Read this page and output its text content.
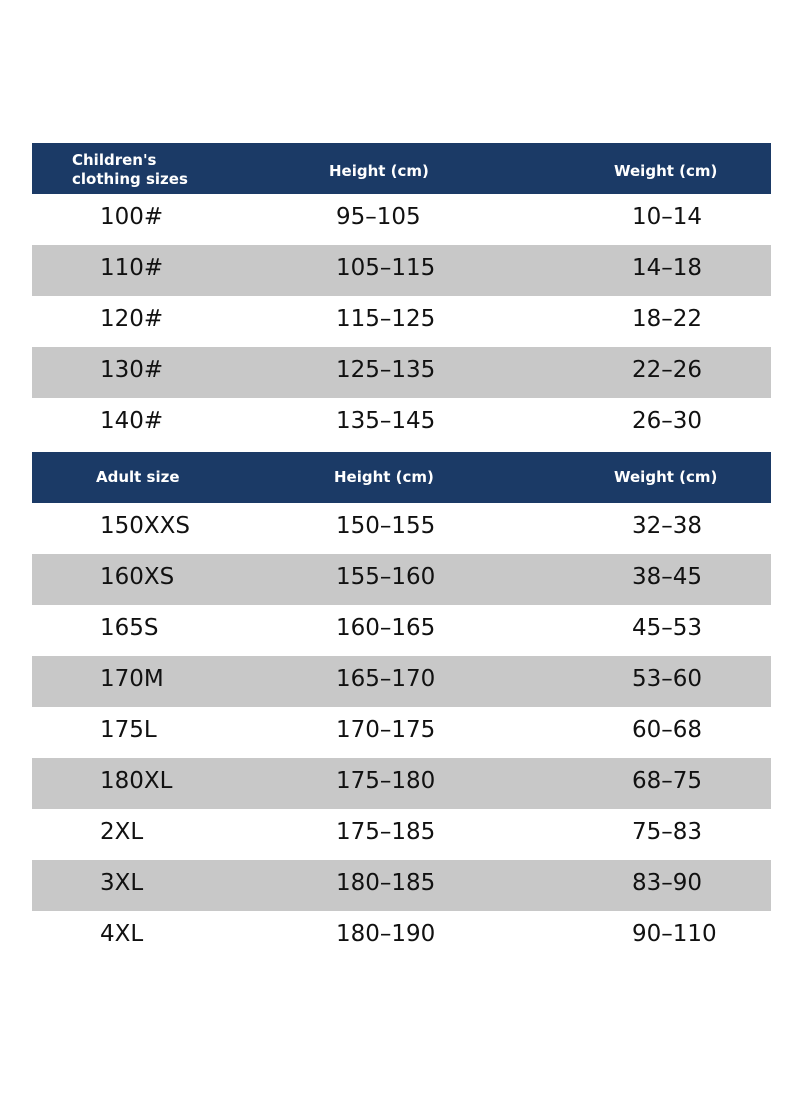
Children's clothing sizes	Height (cm)	Weight (cm)
100#	95–105	10–14
110#	105–115	14–18
120#	115–125	18–22
130#	125–135	22–26
140#	135–145	26–30
Adult size	Height (cm)	Weight (cm)
150XXS	150–155	32–38
160XS	155–160	38–45
165S	160–165	45–53
170M	165–170	53–60
175L	170–175	60–68
180XL	175–180	68–75
2XL	175–185	75–83
3XL	180–185	83–90
4XL	180–190	90–110
